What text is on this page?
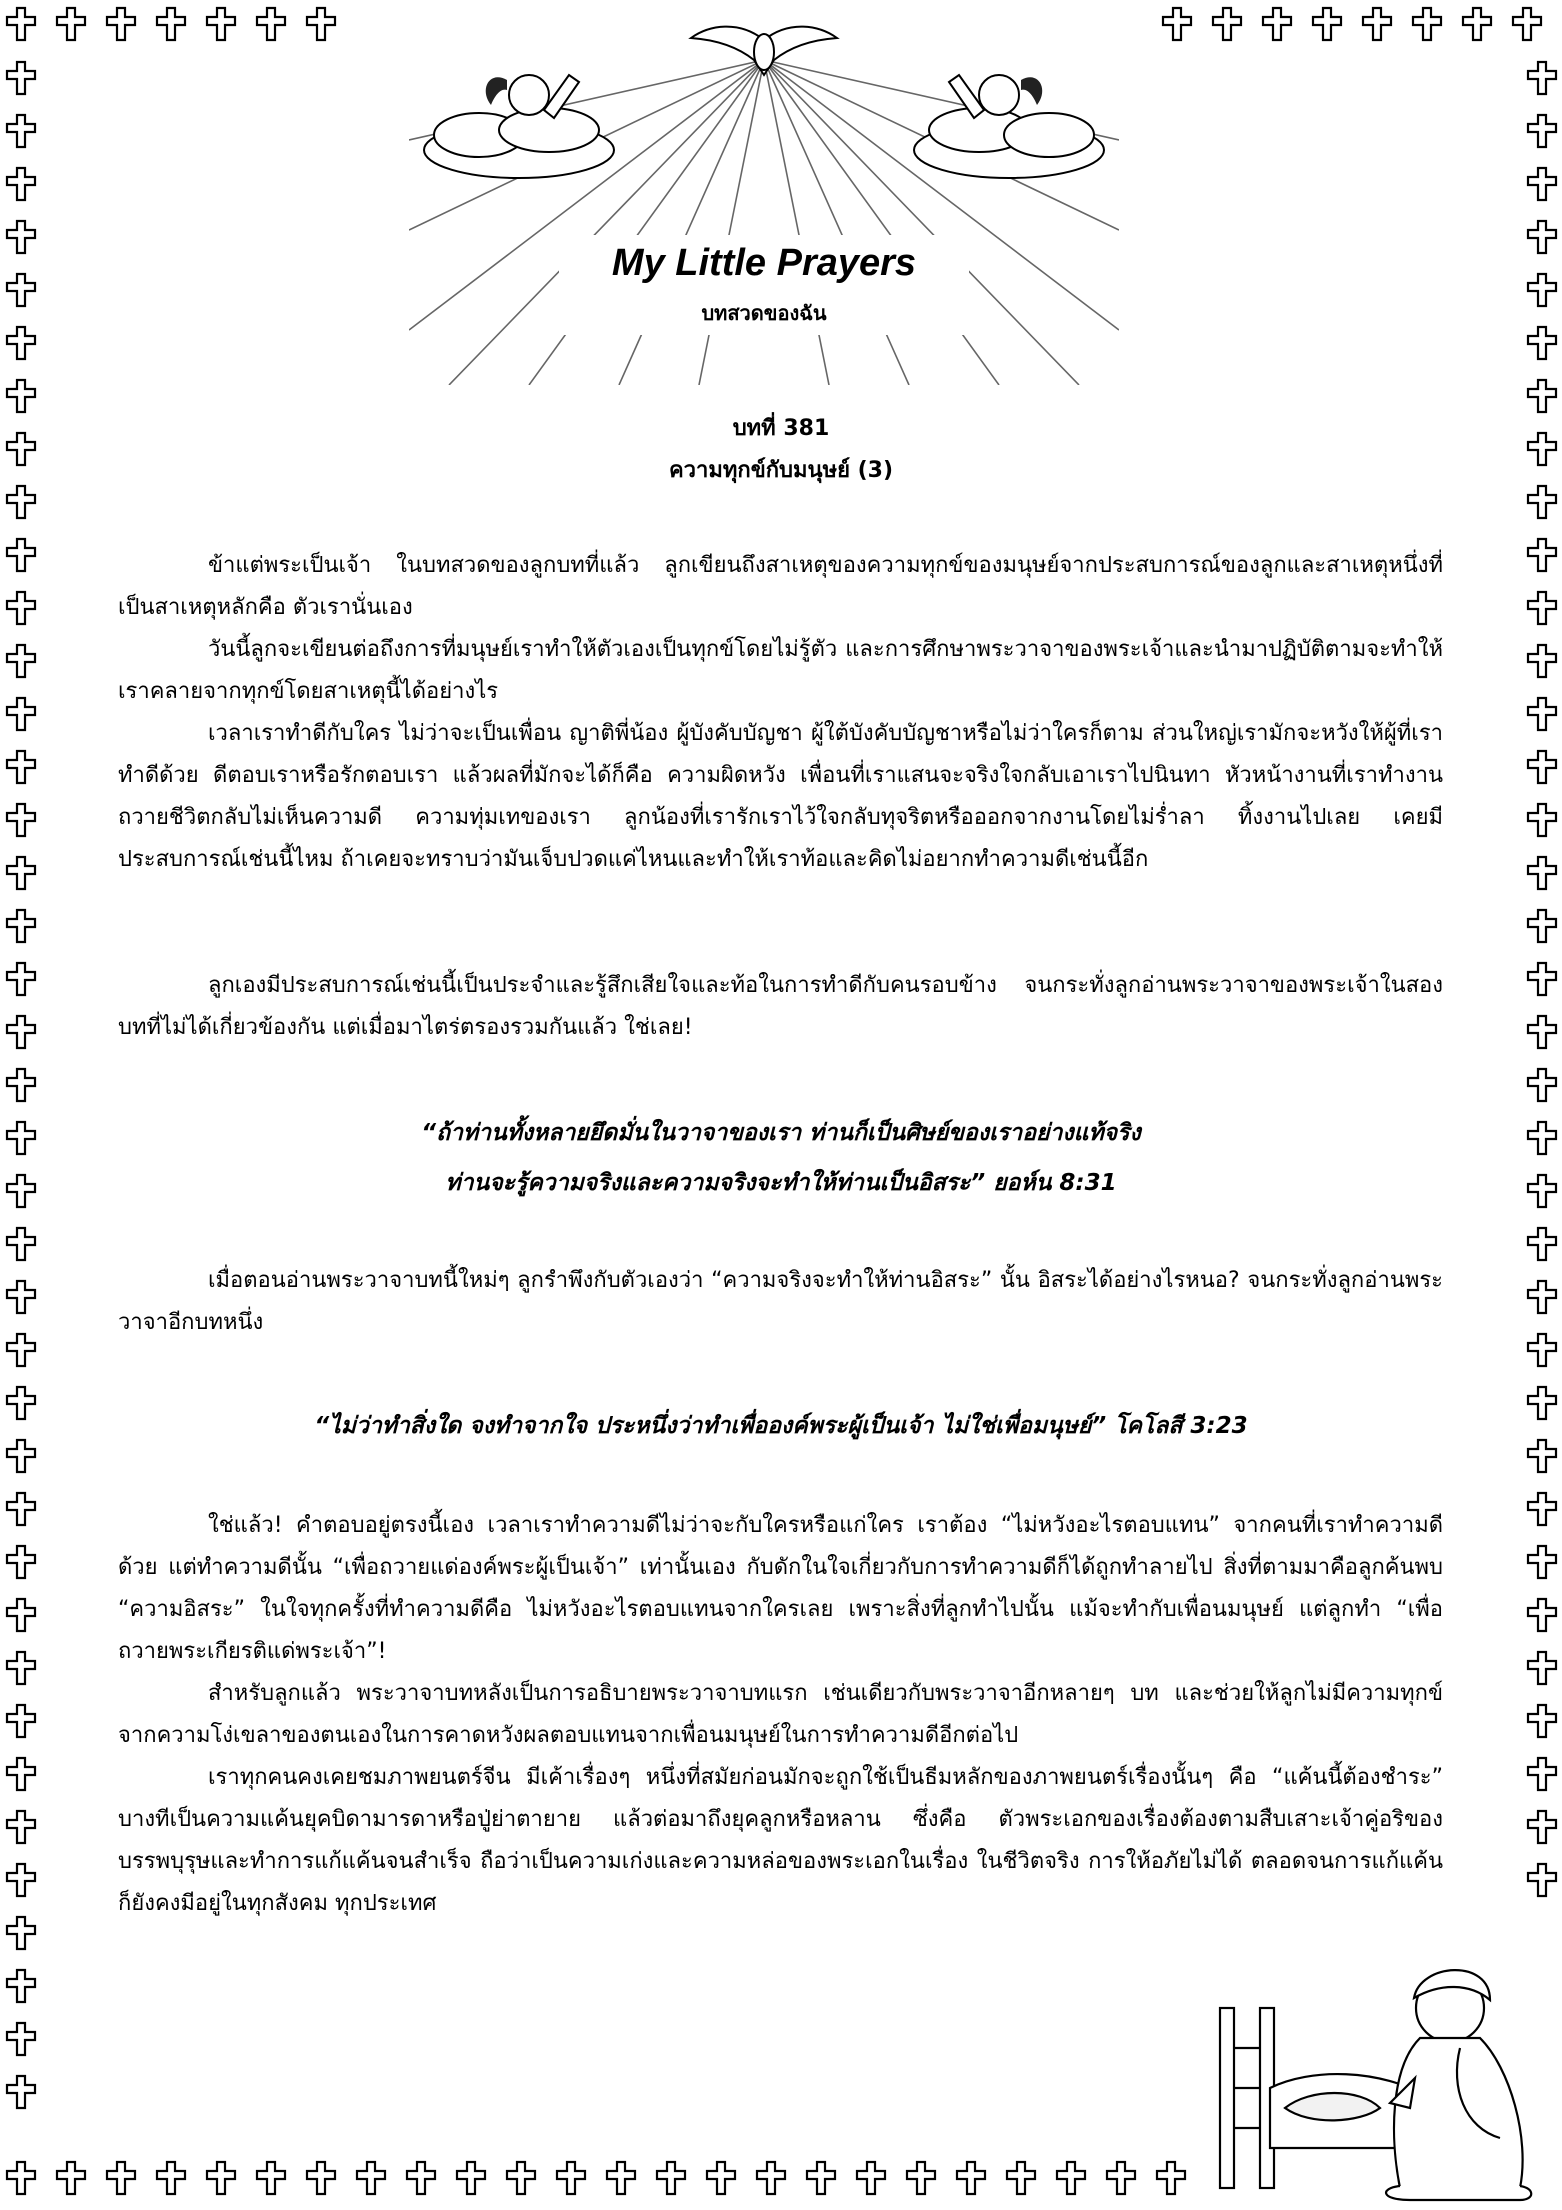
My Little Prayers
บทสวดของฉัน
บทที่ 381
ความทุกข์กับมนุษย์ (3)

ข้าแต่พระเป็นเจ้า ในบทสวดของลูกบทที่แล้ว ลูกเขียนถึงสาเหตุของความทุกข์ของมนุษย์จากประสบการณ์ของลูกและสาเหตุหนึ่งที่เป็นสาเหตุหลักคือ ตัวเรานั่นเอง

วันนี้ลูกจะเขียนต่อถึงการที่มนุษย์เราทำให้ตัวเองเป็นทุกข์โดยไม่รู้ตัว และการศึกษาพระวาจาของพระเจ้าและนำมาปฏิบัติตามจะทำให้เราคลายจากทุกข์โดยสาเหตุนี้ได้อย่างไร

เวลาเราทำดีกับใคร ไม่ว่าจะเป็นเพื่อน ญาติพี่น้อง ผู้บังคับบัญชา ผู้ใต้บังคับบัญชาหรือไม่ว่าใครก็ตาม ส่วนใหญ่เรามักจะหวังให้ผู้ที่เราทำดีด้วย ดีตอบเราหรือรักตอบเรา แล้วผลที่มักจะได้ก็คือ ความผิดหวัง เพื่อนที่เราแสนจะจริงใจกลับเอาเราไปนินทา หัวหน้างานที่เราทำงานถวายชีวิตกลับไม่เห็นความดี ความทุ่มเทของเรา ลูกน้องที่เรารักเราไว้ใจกลับทุจริตหรือออกจากงานโดยไม่ร่ำลา ทิ้งงานไปเลย เคยมีประสบการณ์เช่นนี้ไหม ถ้าเคยจะทราบว่ามันเจ็บปวดแค่ไหนและทำให้เราท้อและคิดไม่อยากทำความดีเช่นนี้อีก

ลูกเองมีประสบการณ์เช่นนี้เป็นประจำและรู้สึกเสียใจและท้อในการทำดีกับคนรอบข้าง จนกระทั่งลูกอ่านพระวาจาของพระเจ้าในสองบทที่ไม่ได้เกี่ยวข้องกัน แต่เมื่อมาไตร่ตรองรวมกันแล้ว ใช่เลย!

“ถ้าท่านทั้งหลายยึดมั่นในวาจาของเรา ท่านก็เป็นศิษย์ของเราอย่างแท้จริง
ท่านจะรู้ความจริงและความจริงจะทำให้ท่านเป็นอิสระ” ยอห์น 8:31

เมื่อตอนอ่านพระวาจาบทนี้ใหม่ๆ ลูกรำพึงกับตัวเองว่า “ความจริงจะทำให้ท่านอิสระ” นั้น อิสระได้อย่างไรหนอ? จนกระทั่งลูกอ่านพระวาจาอีกบทหนึ่ง

“ไม่ว่าทำสิ่งใด จงทำจากใจ ประหนึ่งว่าทำเพื่อองค์พระผู้เป็นเจ้า ไม่ใช่เพื่อมนุษย์” โคโลสี 3:23

ใช่แล้ว! คำตอบอยู่ตรงนี้เอง เวลาเราทำความดีไม่ว่าจะกับใครหรือแก่ใคร เราต้อง “ไม่หวังอะไรตอบแทน” จากคนที่เราทำความดีด้วย แต่ทำความดีนั้น “เพื่อถวายแด่องค์พระผู้เป็นเจ้า” เท่านั้นเอง กับดักในใจเกี่ยวกับการทำความดีก็ได้ถูกทำลายไป สิ่งที่ตามมาคือลูกค้นพบ “ความอิสระ” ในใจทุกครั้งที่ทำความดีคือ ไม่หวังอะไรตอบแทนจากใครเลย เพราะสิ่งที่ลูกทำไปนั้น แม้จะทำกับเพื่อนมนุษย์ แต่ลูกทำ “เพื่อถวายพระเกียรติแด่พระเจ้า”!

สำหรับลูกแล้ว พระวาจาบทหลังเป็นการอธิบายพระวาจาบทแรก เช่นเดียวกับพระวาจาอีกหลายๆ บท และช่วยให้ลูกไม่มีความทุกข์จากความโง่เขลาของตนเองในการคาดหวังผลตอบแทนจากเพื่อนมนุษย์ในการทำความดีอีกต่อไป

เราทุกคนคงเคยชมภาพยนตร์จีน มีเค้าเรื่องๆ หนึ่งที่สมัยก่อนมักจะถูกใช้เป็นธีมหลักของภาพยนตร์เรื่องนั้นๆ คือ “แค้นนี้ต้องชำระ” บางทีเป็นความแค้นยุคบิดามารดาหรือปู่ย่าตายาย แล้วต่อมาถึงยุคลูกหรือหลาน ซึ่งคือ ตัวพระเอกของเรื่องต้องตามสืบเสาะเจ้าคู่อริของบรรพบุรุษและทำการแก้แค้นจนสำเร็จ ถือว่าเป็นความเก่งและความหล่อของพระเอกในเรื่อง ในชีวิตจริง การให้อภัยไม่ได้ ตลอดจนการแก้แค้นก็ยังคงมีอยู่ในทุกสังคม ทุกประเทศ
